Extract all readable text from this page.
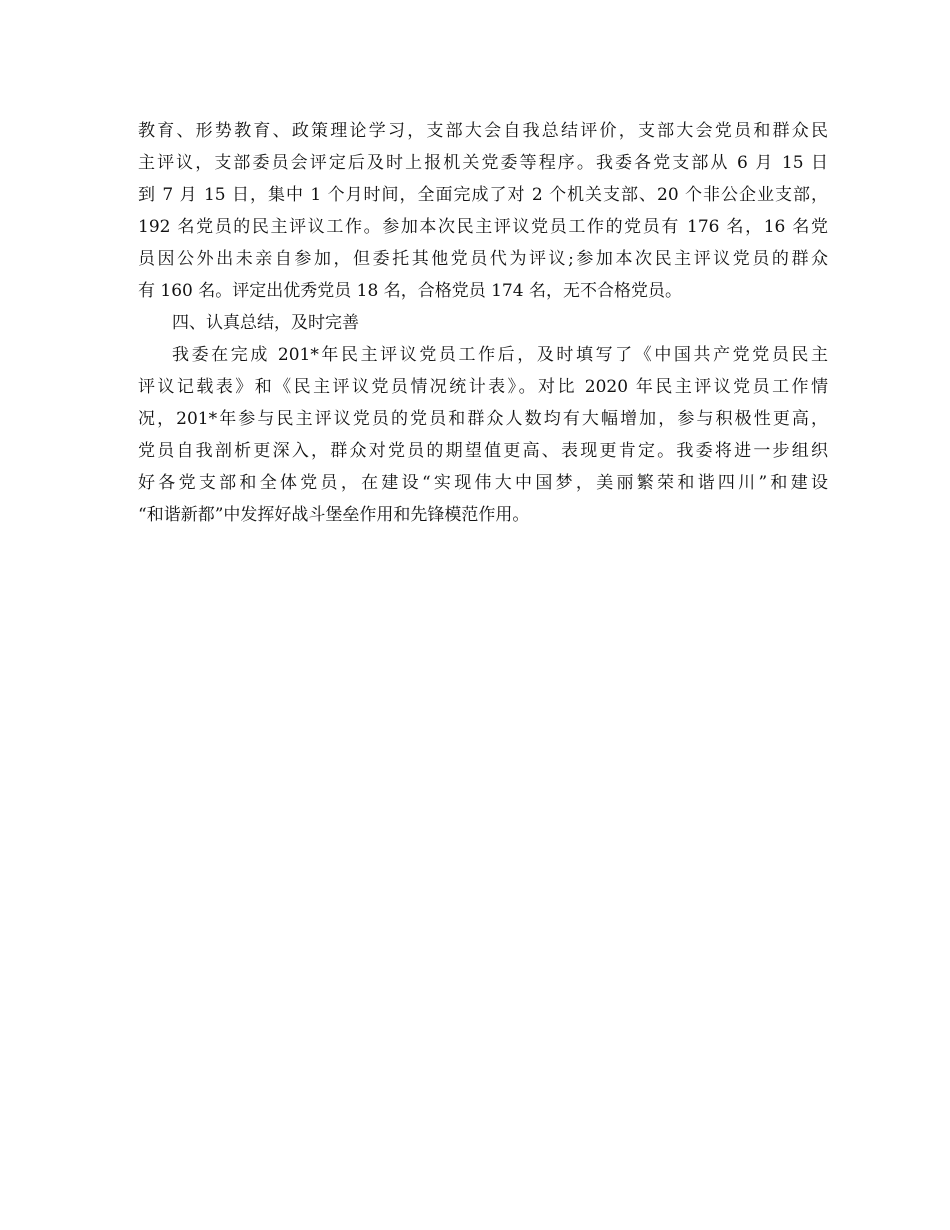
教育、形势教育、政策理论学习，支部大会自我总结评价，支部大会党员和群众民

主评议，支部委员会评定后及时上报机关党委等程序。我委各党支部从 6 月 15 日

到 7 月 15 日，集中 1 个月时间，全面完成了对 2 个机关支部、20 个非公企业支部，

192 名党员的民主评议工作。参加本次民主评议党员工作的党员有 176 名，16 名党

员因公外出未亲自参加，但委托其他党员代为评议;参加本次民主评议党员的群众

有 160 名。评定出优秀党员 18 名，合格党员 174 名，无不合格党员。

四、认真总结，及时完善

我委在完成 201*年民主评议党员工作后，及时填写了《中国共产党党员民主

评议记载表》和《民主评议党员情况统计表》。对比 2020 年民主评议党员工作情

况，201*年参与民主评议党员的党员和群众人数均有大幅增加，参与积极性更高，

党员自我剖析更深入，群众对党员的期望值更高、表现更肯定。我委将进一步组织

好各党支部和全体党员，在建设“实现伟大中国梦，美丽繁荣和谐四川”和建设

“和谐新都”中发挥好战斗堡垒作用和先锋模范作用。
